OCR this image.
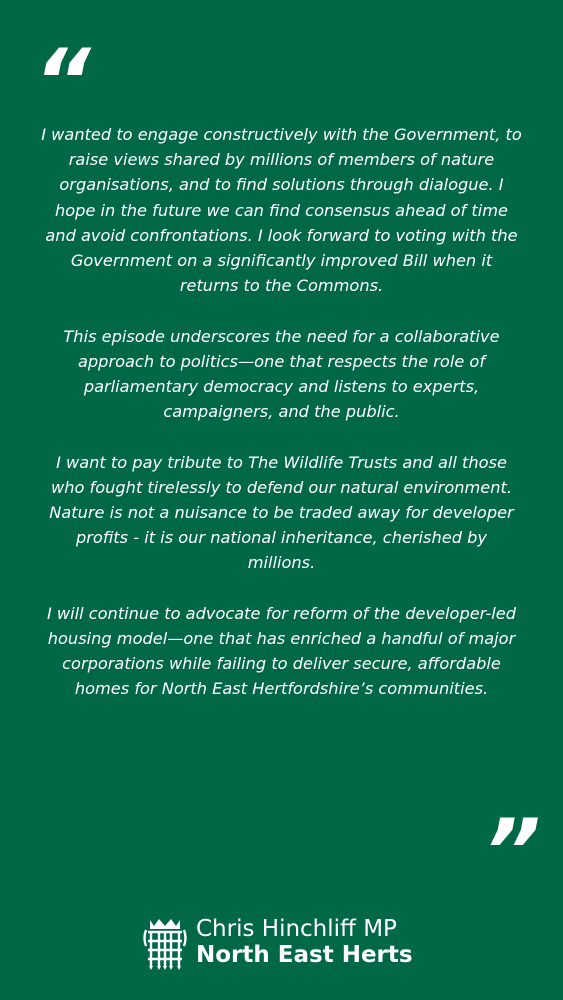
“

I wanted to engage constructively with the Government, to raise views shared by millions of members of nature organisations, and to find solutions through dialogue. I hope in the future we can find consensus ahead of time and avoid confrontations. I look forward to voting with the Government on a significantly improved Bill when it returns to the Commons.

This episode underscores the need for a collaborative approach to politics—one that respects the role of parliamentary democracy and listens to experts, campaigners, and the public.

I want to pay tribute to The Wildlife Trusts and all those who fought tirelessly to defend our natural environment. Nature is not a nuisance to be traded away for developer profits - it is our national inheritance, cherished by millions.

I will continue to advocate for reform of the developer-led housing model—one that has enriched a handful of major corporations while failing to deliver secure, affordable homes for North East Hertfordshire’s communities.

”
Chris Hinchliff MP
North East Herts
